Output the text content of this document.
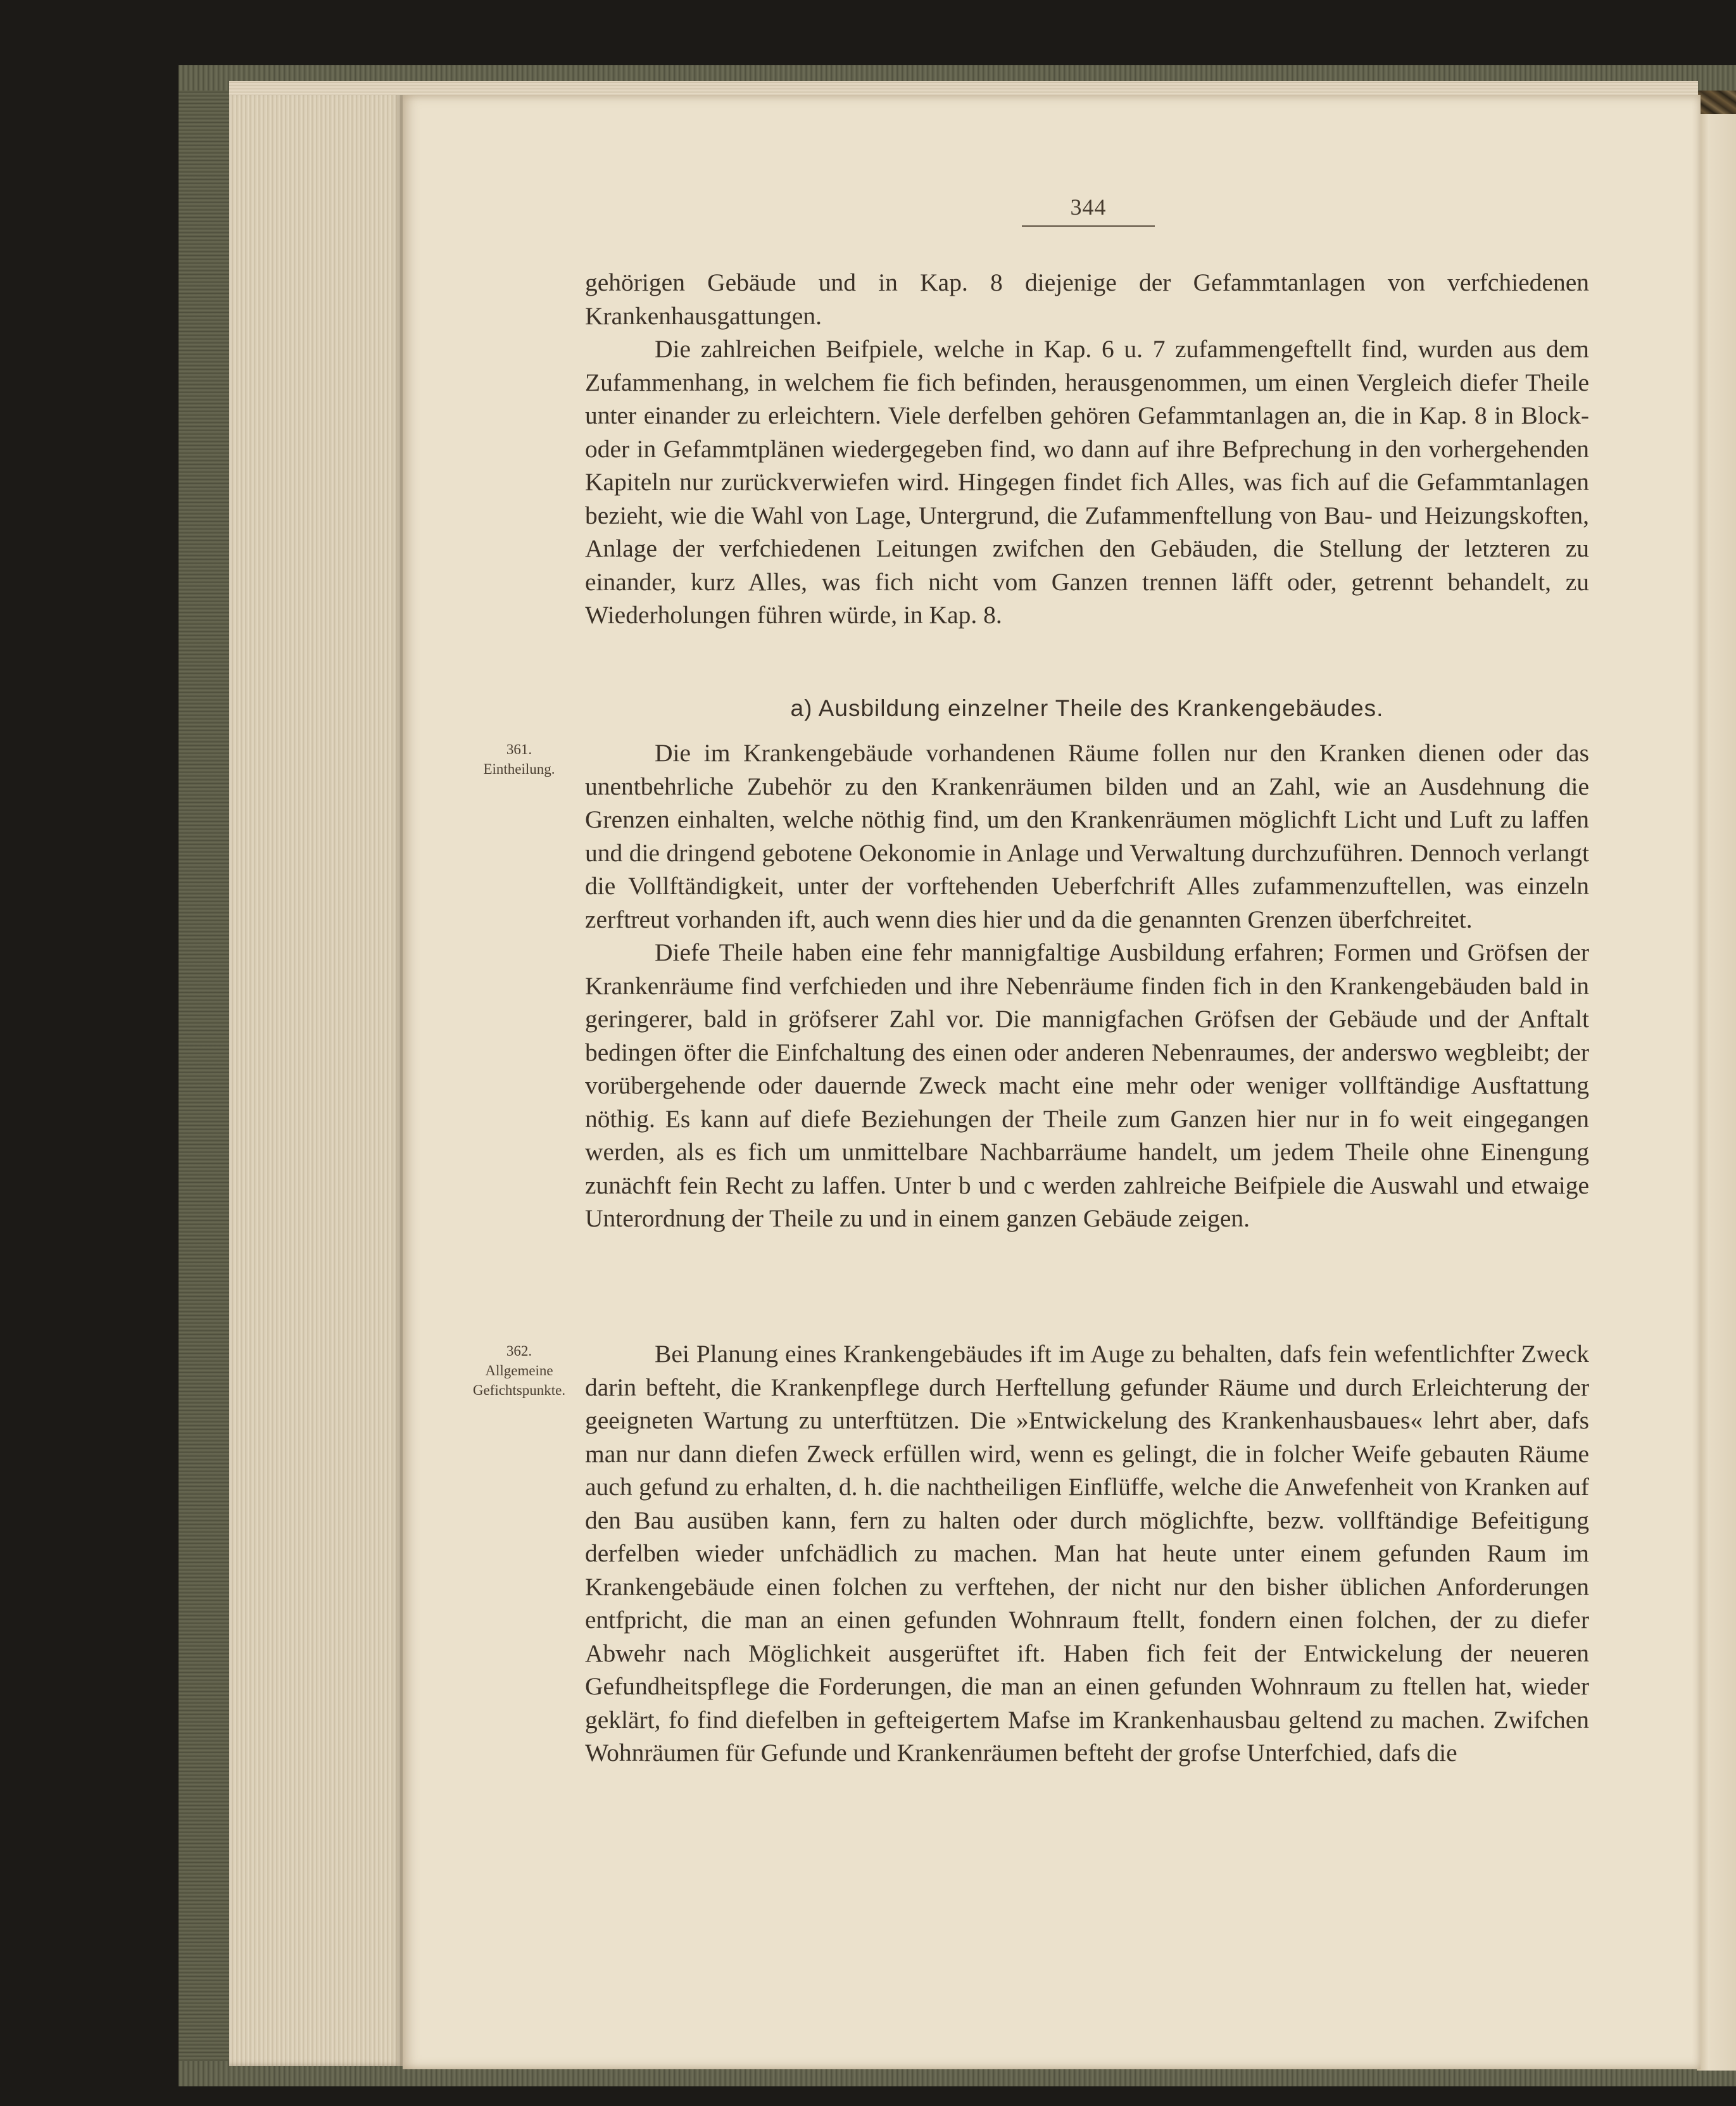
344

gehörigen Gebäude und in Kap. 8 diejenige der Gefammtanlagen von verfchiedenen Krankenhausgattungen.

Die zahlreichen Beifpiele, welche in Kap. 6 u. 7 zufammengeftellt find, wurden aus dem Zufammenhang, in welchem fie fich befinden, herausgenommen, um einen Vergleich diefer Theile unter einander zu erleichtern. Viele derfelben gehören Gefammtanlagen an, die in Kap. 8 in Block- oder in Gefammtplänen wiedergegeben find, wo dann auf ihre Befprechung in den vorhergehenden Kapiteln nur zurückverwiefen wird. Hingegen findet fich Alles, was fich auf die Gefammtanlagen bezieht, wie die Wahl von Lage, Untergrund, die Zufammenftellung von Bau- und Heizungskoften, Anlage der verfchiedenen Leitungen zwifchen den Gebäuden, die Stellung der letzteren zu einander, kurz Alles, was fich nicht vom Ganzen trennen läfft oder, getrennt behandelt, zu Wiederholungen führen würde, in Kap. 8.

a) Ausbildung einzelner Theile des Krankengebäudes.
361.
Eintheilung.

Die im Krankengebäude vorhandenen Räume follen nur den Kranken dienen oder das unentbehrliche Zubehör zu den Krankenräumen bilden und an Zahl, wie an Ausdehnung die Grenzen einhalten, welche nöthig find, um den Krankenräumen möglichft Licht und Luft zu laffen und die dringend gebotene Oekonomie in Anlage und Verwaltung durchzuführen. Dennoch verlangt die Vollftändigkeit, unter der vorftehenden Ueberfchrift Alles zufammenzuftellen, was einzeln zerftreut vorhanden ift, auch wenn dies hier und da die genannten Grenzen überfchreitet.

Diefe Theile haben eine fehr mannigfaltige Ausbildung erfahren; Formen und Gröfsen der Krankenräume find verfchieden und ihre Nebenräume finden fich in den Krankengebäuden bald in geringerer, bald in gröfserer Zahl vor. Die mannigfachen Gröfsen der Gebäude und der Anftalt bedingen öfter die Einfchaltung des einen oder anderen Nebenraumes, der anderswo wegbleibt; der vorübergehende oder dauernde Zweck macht eine mehr oder weniger vollftändige Ausftattung nöthig. Es kann auf diefe Beziehungen der Theile zum Ganzen hier nur in fo weit eingegangen werden, als es fich um unmittelbare Nachbarräume handelt, um jedem Theile ohne Einengung zunächft fein Recht zu laffen. Unter b und c werden zahlreiche Beifpiele die Auswahl und etwaige Unterordnung der Theile zu und in einem ganzen Gebäude zeigen.

362.
Allgemeine
Gefichtspunkte.

Bei Planung eines Krankengebäudes ift im Auge zu behalten, dafs fein wefentlichfter Zweck darin befteht, die Krankenpflege durch Herftellung gefunder Räume und durch Erleichterung der geeigneten Wartung zu unterftützen. Die »Entwickelung des Krankenhausbaues« lehrt aber, dafs man nur dann diefen Zweck erfüllen wird, wenn es gelingt, die in folcher Weife gebauten Räume auch gefund zu erhalten, d. h. die nachtheiligen Einflüffe, welche die Anwefenheit von Kranken auf den Bau ausüben kann, fern zu halten oder durch möglichfte, bezw. vollftändige Befeitigung derfelben wieder unfchädlich zu machen. Man hat heute unter einem gefunden Raum im Krankengebäude einen folchen zu verftehen, der nicht nur den bisher üblichen Anforderungen entfpricht, die man an einen gefunden Wohnraum ftellt, fondern einen folchen, der zu diefer Abwehr nach Möglichkeit ausgerüftet ift. Haben fich feit der Entwickelung der neueren Gefundheitspflege die Forderungen, die man an einen gefunden Wohnraum zu ftellen hat, wieder geklärt, fo find diefelben in gefteigertem Mafse im Krankenhausbau geltend zu machen. Zwifchen Wohnräumen für Gefunde und Krankenräumen befteht der grofse Unterfchied, dafs die
